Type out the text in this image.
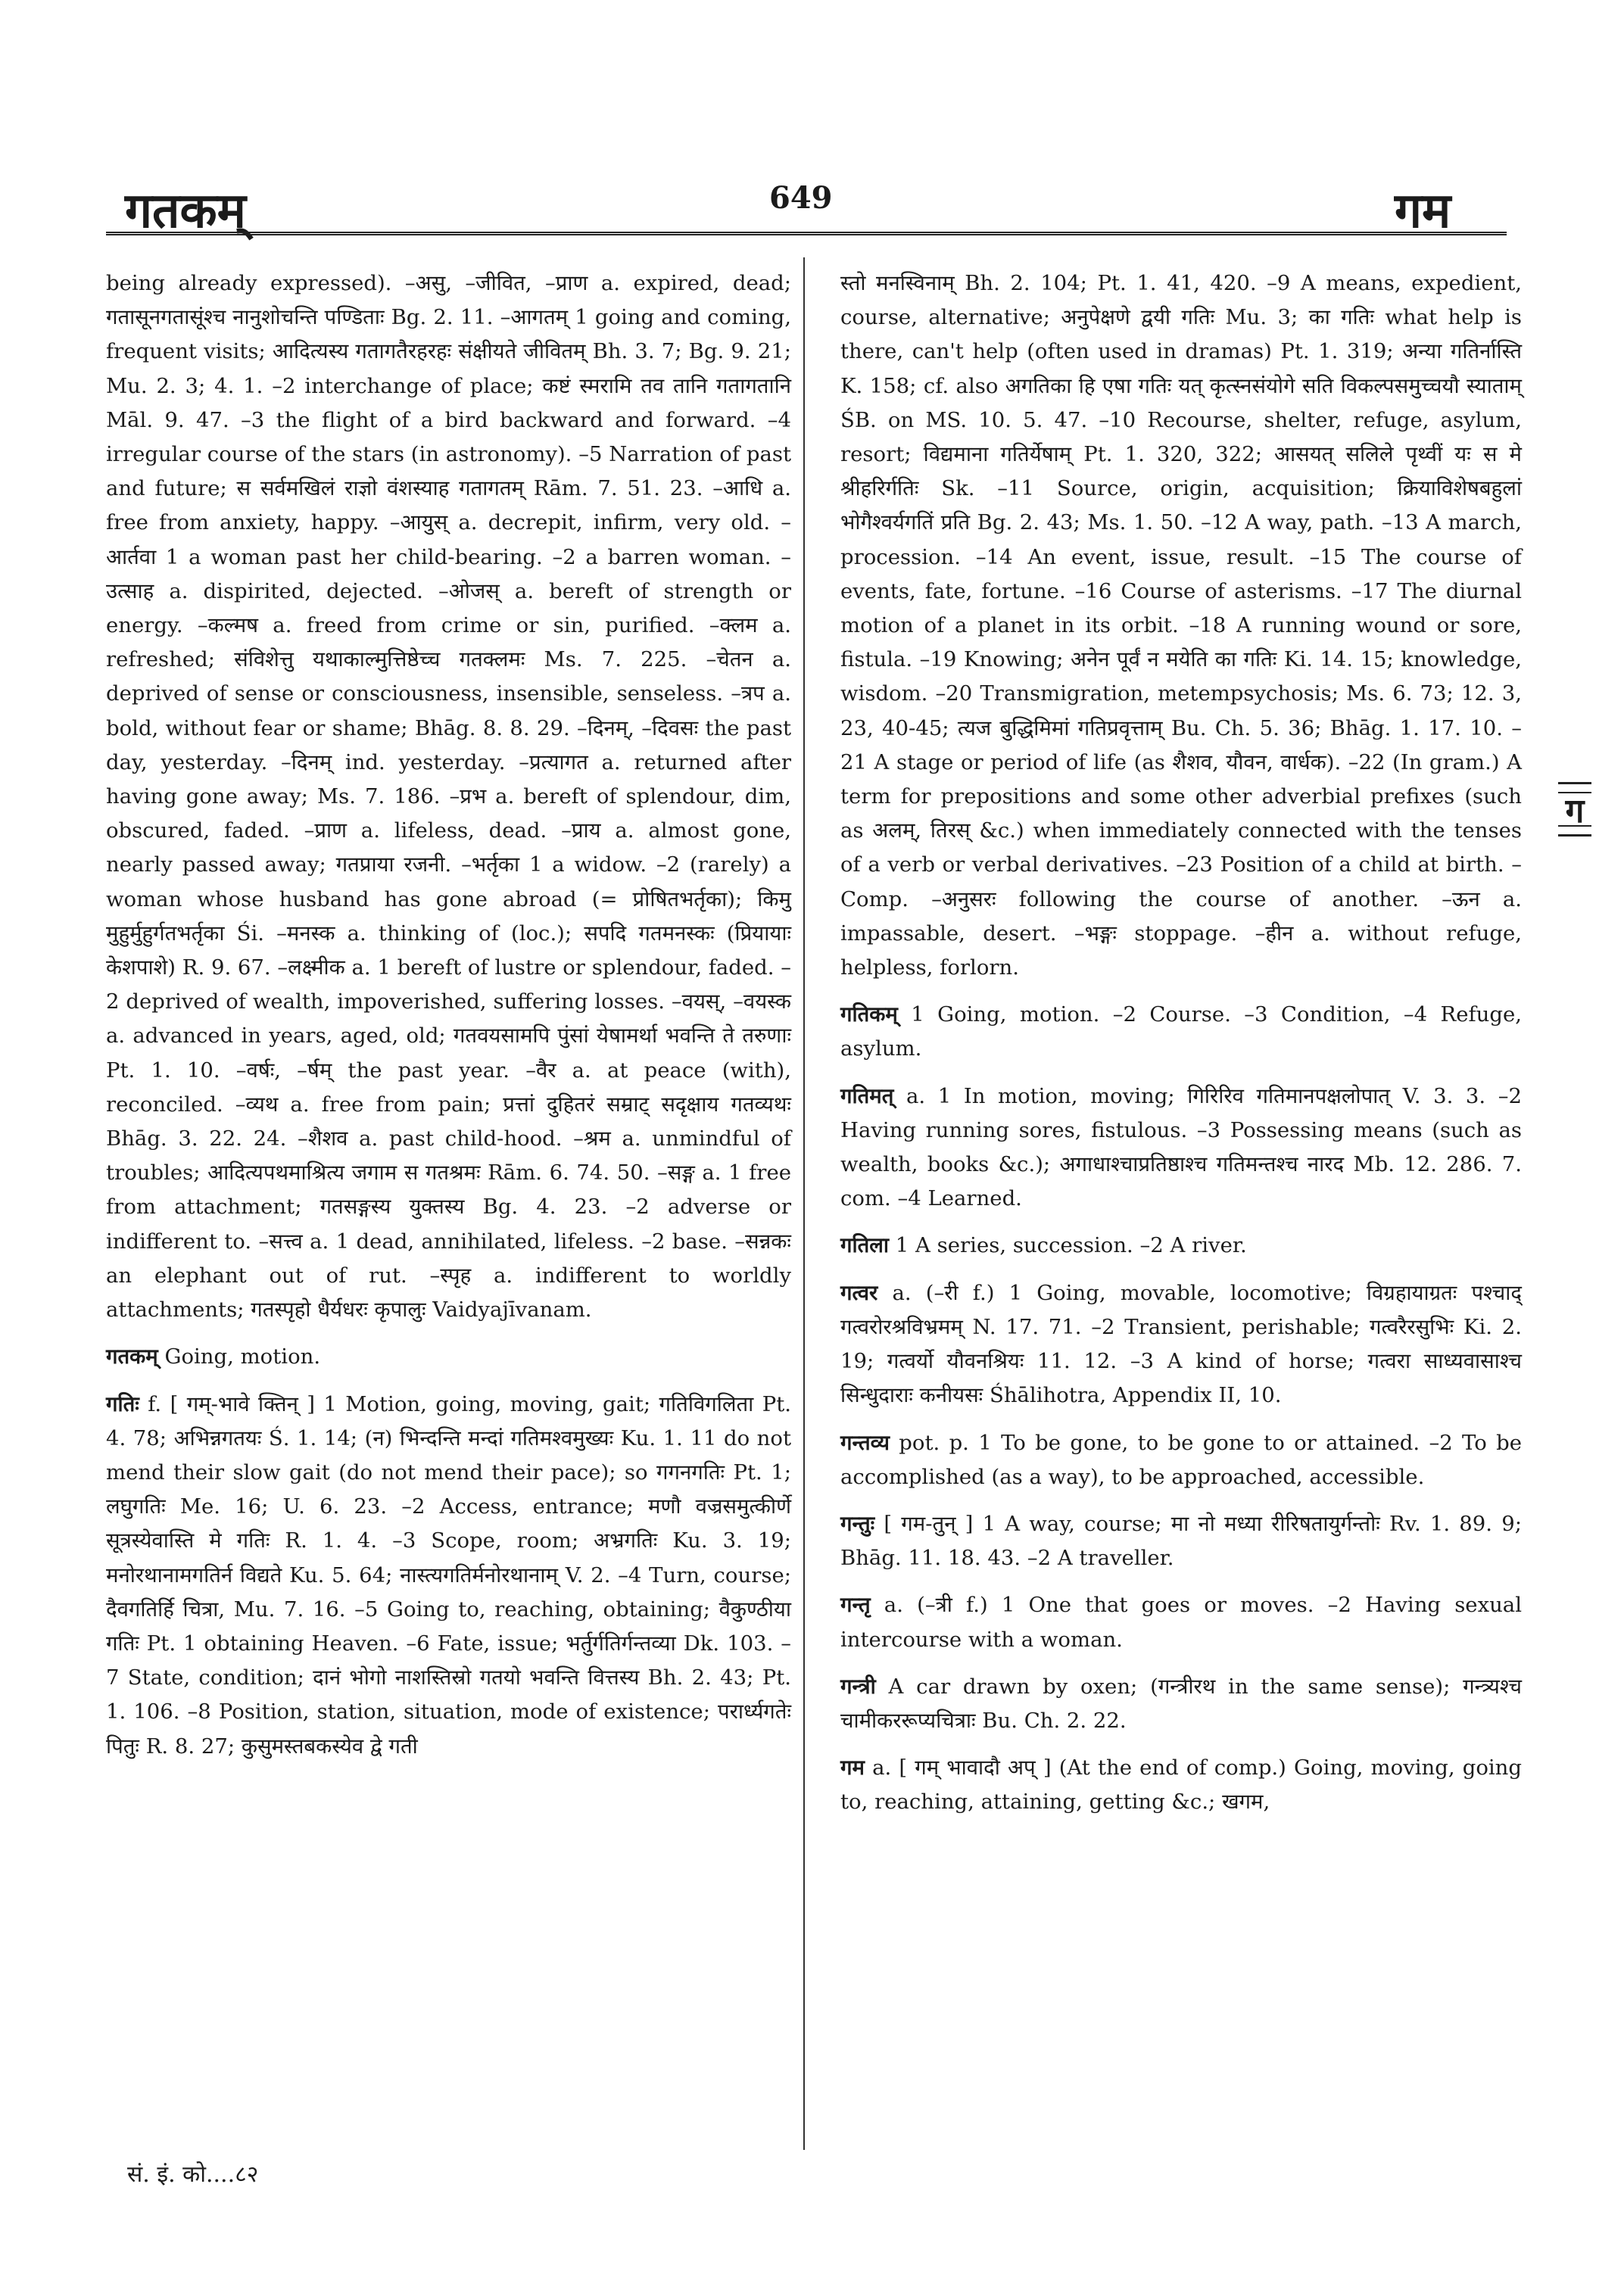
गतकम्	649	गम

being already expressed). –असु, –जीवित, –प्राण a. expired, dead; गतासूनगतासूंश्च नानुशोचन्ति पण्डिताः Bg. 2. 11. –आगतम् 1 going and coming, frequent visits; आदित्यस्य गतागतैरहरहः संक्षीयते जीवितम् Bh. 3. 7; Bg. 9. 21; Mu. 2. 3; 4. 1. –2 interchange of place; कष्टं स्मरामि तव तानि गतागतानि Māl. 9. 47. –3 the flight of a bird backward and forward. –4 irregular course of the stars (in astronomy). –5 Narration of past and future; स सर्वमखिलं राज्ञो वंशस्याह गतागतम् Rām. 7. 51. 23. –आधि a. free from anxiety, happy. –आयुस् a. decrepit, infirm, very old. –आर्तवा 1 a woman past her child-bearing. –2 a barren woman. –उत्साह a. dispirited, dejected. –ओजस् a. bereft of strength or energy. –कल्मष a. freed from crime or sin, purified. –क्लम a. refreshed; संविशेत्तु यथाकाल्मुत्तिष्ठेच्च गतक्लमः Ms. 7. 225. –चेतन a. deprived of sense or consciousness, insensible, senseless. –त्रप a. bold, without fear or shame; Bhāg. 8. 8. 29. –दिनम्, –दिवसः the past day, yesterday. –दिनम् ind. yesterday. –प्रत्यागत a. returned after having gone away; Ms. 7. 186. –प्रभ a. bereft of splendour, dim, obscured, faded. –प्राण a. lifeless, dead. –प्राय a. almost gone, nearly passed away; गतप्राया रजनी. –भर्तृका 1 a widow. –2 (rarely) a woman whose husband has gone abroad (= प्रोषितभर्तृका); किमु मुहुर्मुहुर्गतभर्तृका Śi. –मनस्क a. thinking of (loc.); सपदि गतमनस्कः (प्रियायाः केशपाशे) R. 9. 67. –लक्ष्मीक a. 1 bereft of lustre or splendour, faded. –2 deprived of wealth, impoverished, suffering losses. –वयस्, –वयस्क a. advanced in years, aged, old; गतवयसामपि पुंसां येषामर्था भवन्ति ते तरुणाः Pt. 1. 10. –वर्षः, –र्षम् the past year. –वैर a. at peace (with), reconciled. –व्यथ a. free from pain; प्रत्तां दुहितरं सम्राट् सदृक्षाय गतव्यथः Bhāg. 3. 22. 24. –शैशव a. past child-hood. –श्रम a. unmindful of troubles; आदित्यपथमाश्रित्य जगाम स गतश्रमः Rām. 6. 74. 50. –सङ्ग a. 1 free from attachment; गतसङ्गस्य युक्तस्य Bg. 4. 23. –2 adverse or indifferent to. –सत्त्व a. 1 dead, annihilated, lifeless. –2 base. –सन्नकः an elephant out of rut. –स्पृह a. indifferent to worldly attachments; गतस्पृहो धैर्यधरः कृपालुः Vaidyajīvanam.

गतकम् Going, motion.

गतिः f. [ गम्-भावे क्तिन् ] 1 Motion, going, moving, gait; गतिविगलिता Pt. 4. 78; अभिन्नगतयः Ś. 1. 14; (न) भिन्दन्ति मन्दां गतिमश्वमुख्यः Ku. 1. 11 do not mend their slow gait (do not mend their pace); so गगनगतिः Pt. 1; लघुगतिः Me. 16; U. 6. 23. –2 Access, entrance; मणौ वज्रसमुत्कीर्णे सूत्रस्येवास्ति मे गतिः R. 1. 4. –3 Scope, room; अभ्रगतिः Ku. 3. 19; मनोरथानामगतिर्न विद्यते Ku. 5. 64; नास्त्यगतिर्मनोरथानाम् V. 2. –4 Turn, course; दैवगतिर्हि चित्रा, Mu. 7. 16. –5 Going to, reaching, obtaining; वैकुण्ठीया गतिः Pt. 1 obtaining Heaven. –6 Fate, issue; भर्तुर्गतिर्गन्तव्या Dk. 103. –7 State, condition; दानं भोगो नाशस्तिस्रो गतयो भवन्ति वित्तस्य Bh. 2. 43; Pt. 1. 106. –8 Position, station, situation, mode of existence; परार्ध्यगतेः पितुः R. 8. 27; कुसुमस्तबकस्येव द्वे गती

स्तो मनस्विनाम् Bh. 2. 104; Pt. 1. 41, 420. –9 A means, expedient, course, alternative; अनुपेक्षणे द्वयी गतिः Mu. 3; का गतिः what help is there, can't help (often used in dramas) Pt. 1. 319; अन्या गतिर्नास्ति K. 158; cf. also अगतिका हि एषा गतिः यत् कृत्स्नसंयोगे सति विकल्पसमुच्चयौ स्याताम् ŚB. on MS. 10. 5. 47. –10 Recourse, shelter, refuge, asylum, resort; विद्यमाना गतिर्येषाम् Pt. 1. 320, 322; आसयत् सलिले पृथ्वीं यः स मे श्रीहरिर्गतिः Sk. –11 Source, origin, acquisition; क्रियाविशेषबहुलां भोगैश्वर्यगतिं प्रति Bg. 2. 43; Ms. 1. 50. –12 A way, path. –13 A march, procession. –14 An event, issue, result. –15 The course of events, fate, fortune. –16 Course of asterisms. –17 The diurnal motion of a planet in its orbit. –18 A running wound or sore, fistula. –19 Knowing; अनेन पूर्वं न मयेति का गतिः Ki. 14. 15; knowledge, wisdom. –20 Transmigration, metempsychosis; Ms. 6. 73; 12. 3, 23, 40-45; त्यज बुद्धिमिमां गतिप्रवृत्ताम् Bu. Ch. 5. 36; Bhāg. 1. 17. 10. –21 A stage or period of life (as शैशव, यौवन, वार्धक). –22 (In gram.) A term for prepositions and some other adverbial prefixes (such as अलम्, तिरस् &c.) when immediately connected with the tenses of a verb or verbal derivatives. –23 Position of a child at birth. –Comp. –अनुसरः following the course of another. –ऊन a. impassable, desert. –भङ्गः stoppage. –हीन a. without refuge, helpless, forlorn.

गतिकम् 1 Going, motion. –2 Course. –3 Condition, –4 Refuge, asylum.

गतिमत् a. 1 In motion, moving; गिरिरिव गतिमानपक्षलोपात् V. 3. 3. –2 Having running sores, fistulous. –3 Possessing means (such as wealth, books &c.); अगाधाश्चाप्रतिष्ठाश्च गतिमन्तश्च नारद Mb. 12. 286. 7. com. –4 Learned.

गतिला 1 A series, succession. –2 A river.

गत्वर a. (–री f.) 1 Going, movable, locomotive; विग्रहायाग्रतः पश्चाद् गत्वरोरश्रविभ्रमम् N. 17. 71. –2 Transient, perishable; गत्वरैरसुभिः Ki. 2. 19; गत्वर्यो यौवनश्रियः 11. 12. –3 A kind of horse; गत्वरा साध्यवासाश्च सिन्धुदाराः कनीयसः Śhālihotra, Appendix II, 10.

गन्तव्य pot. p. 1 To be gone, to be gone to or attained. –2 To be accomplished (as a way), to be approached, accessible.

गन्तुः [ गम-तुन् ] 1 A way, course; मा नो मध्या रीरिषतायुर्गन्तोः Rv. 1. 89. 9; Bhāg. 11. 18. 43. –2 A traveller.

गन्तृ a. (–त्री f.) 1 One that goes or moves. –2 Having sexual intercourse with a woman.

गन्त्री A car drawn by oxen; (गन्त्रीरथ in the same sense); गन्त्र्यश्च चामीकररूप्यचित्राः Bu. Ch. 2. 22.

गम a. [ गम् भावादौ अप् ] (At the end of comp.) Going, moving, going to, reaching, attaining, getting &c.; खगम,

ग
सं. इं. को....८२
